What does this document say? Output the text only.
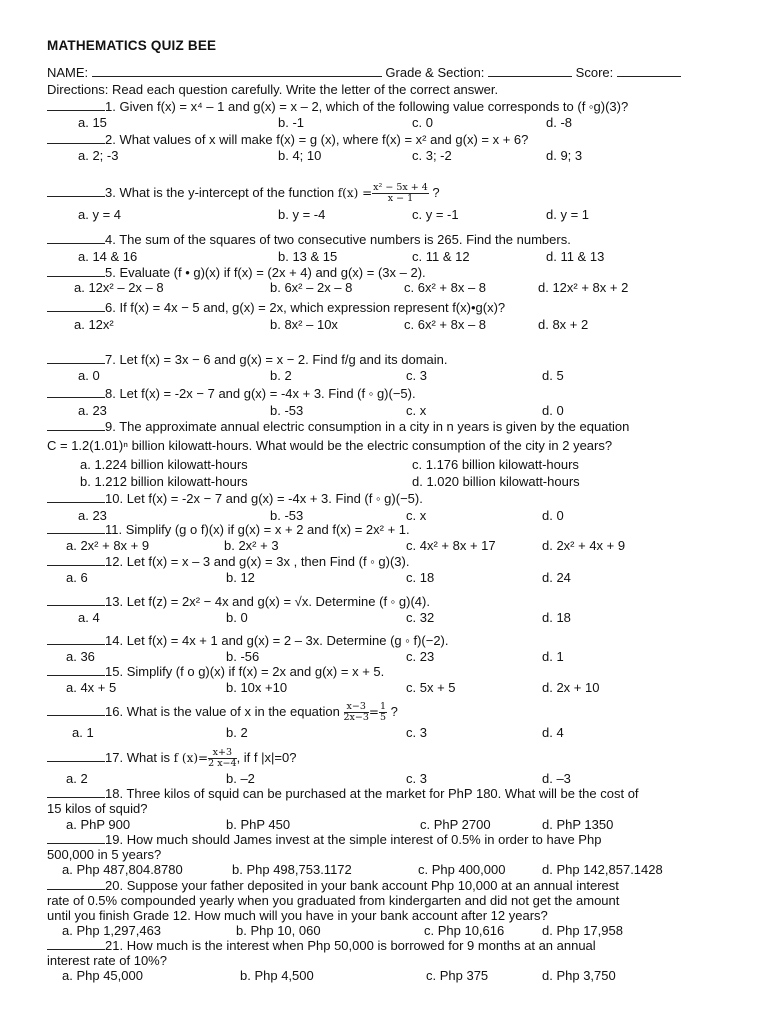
MATHEMATICS QUIZ BEE
NAME:	Grade & Section:	Score:
Directions: Read each question carefully. Write the letter of the correct answer.
1. Given f(x) = x⁴ – 1 and g(x) = x – 2, which of the following value corresponds to (f ◦g)(3)?
a. 15	b. -1	c. 0	d. -8
2. What values of x will make f(x) = g (x), where f(x) = x² and g(x) = x + 6?
a. 2; -3	b. 4; 10	c. 3; -2	d. 9; 3
3. What is the y-intercept of the function $f(x) = \frac{\text{x² − 5x + 4}}{x - 1}$ ?
a. y = 4	b. y = -4	c. y = -1	d. y = 1
4. The sum of the squares of two consecutive numbers is 265. Find the numbers.
a. 14 & 16	b. 13 & 15	c. 11 & 12	d. 11 & 13
5. Evaluate (f • g)(x) if f(x) = (2x + 4) and g(x) = (3x – 2).
a. 12x² – 2x – 8	b. 6x² – 2x – 8	c. 6x² + 8x – 8	d. 12x² + 8x + 2
6. If f(x) = 4x − 5 and, g(x) = 2x, which expression represent f(x)•g(x)?
a. 12x²	b. 8x² – 10x	c. 6x² + 8x – 8	d. 8x + 2
7. Let f(x) = 3x − 6 and g(x) = x − 2. Find f/g and its domain.
a. 0	b. 2	c. 3	d. 5
8. Let f(x) = -2x − 7 and g(x) = -4x + 3. Find (f ◦ g)(−5).
a. 23	b. -53	c. x	d. 0
9. The approximate annual electric consumption in a city in n years is given by the equation
C = 1.2(1.01)ⁿ billion kilowatt-hours. What would be the electric consumption of the city in 2 years?
a. 1.224 billion kilowatt-hours	c. 1.176 billion kilowatt-hours
b. 1.212 billion kilowatt-hours	d. 1.020 billion kilowatt-hours
10. Let f(x) = -2x − 7 and g(x) = -4x + 3. Find (f ◦ g)(−5).
a. 23	b. -53	c. x	d. 0
11. Simplify (g o f)(x) if g(x) = x + 2 and f(x) = 2x² + 1.
a. 2x² + 8x + 9	b. 2x² + 3	c. 4x² + 8x + 17	d. 2x² + 4x + 9
12. Let f(x) = x – 3 and g(x) = 3x , then Find (f ◦ g)(3).
a. 6	b. 12	c. 18	d. 24
13. Let f(z) = 2x² − 4x and g(x) = √x. Determine (f ◦ g)(4).
a. 4	b. 0	c. 32	d. 18
14. Let f(x) = 4x + 1 and g(x) = 2 – 3x. Determine (g ◦ f)(−2).
a. 36	b. -56	c. 23	d. 1
15. Simplify (f o g)(x) if f(x) = 2x and g(x) = x + 5.
a. 4x + 5	b. 10x +10	c. 5x + 5	d. 2x + 10
16. What is the value of x in the equation $\frac{x-3}{2x-3} = \frac{1}{5}$ ?
a. 1	b. 2	c. 3	d. 4
17. What is f $(x)= \frac{x+3}{2 x-4}$ , if f |x|=0?
a. 2	b. –2	c. 3	d. –3
18. Three kilos of squid can be purchased at the market for PhP 180. What will be the cost of
15 kilos of squid?
a. PhP 900	b. PhP 450	c. PhP 2700	d. PhP 1350
19. How much should James invest at the simple interest of 0.5% in order to have Php
500,000 in 5 years?
a. Php 487,804.8780	b. Php 498,753.1172	c. Php 400,000	d. Php 142,857.1428
20. Suppose your father deposited in your bank account Php 10,000 at an annual interest
rate of 0.5% compounded yearly when you graduated from kindergarten and did not get the amount
until you finish Grade 12. How much will you have in your bank account after 12 years?
a. Php 1,297,463	b. Php 10, 060	c. Php 10,616	d. Php 17,958
21. How much is the interest when Php 50,000 is borrowed for 9 months at an annual
interest rate of 10%?
a. Php 45,000	b. Php 4,500	c. Php 375	d. Php 3,750
